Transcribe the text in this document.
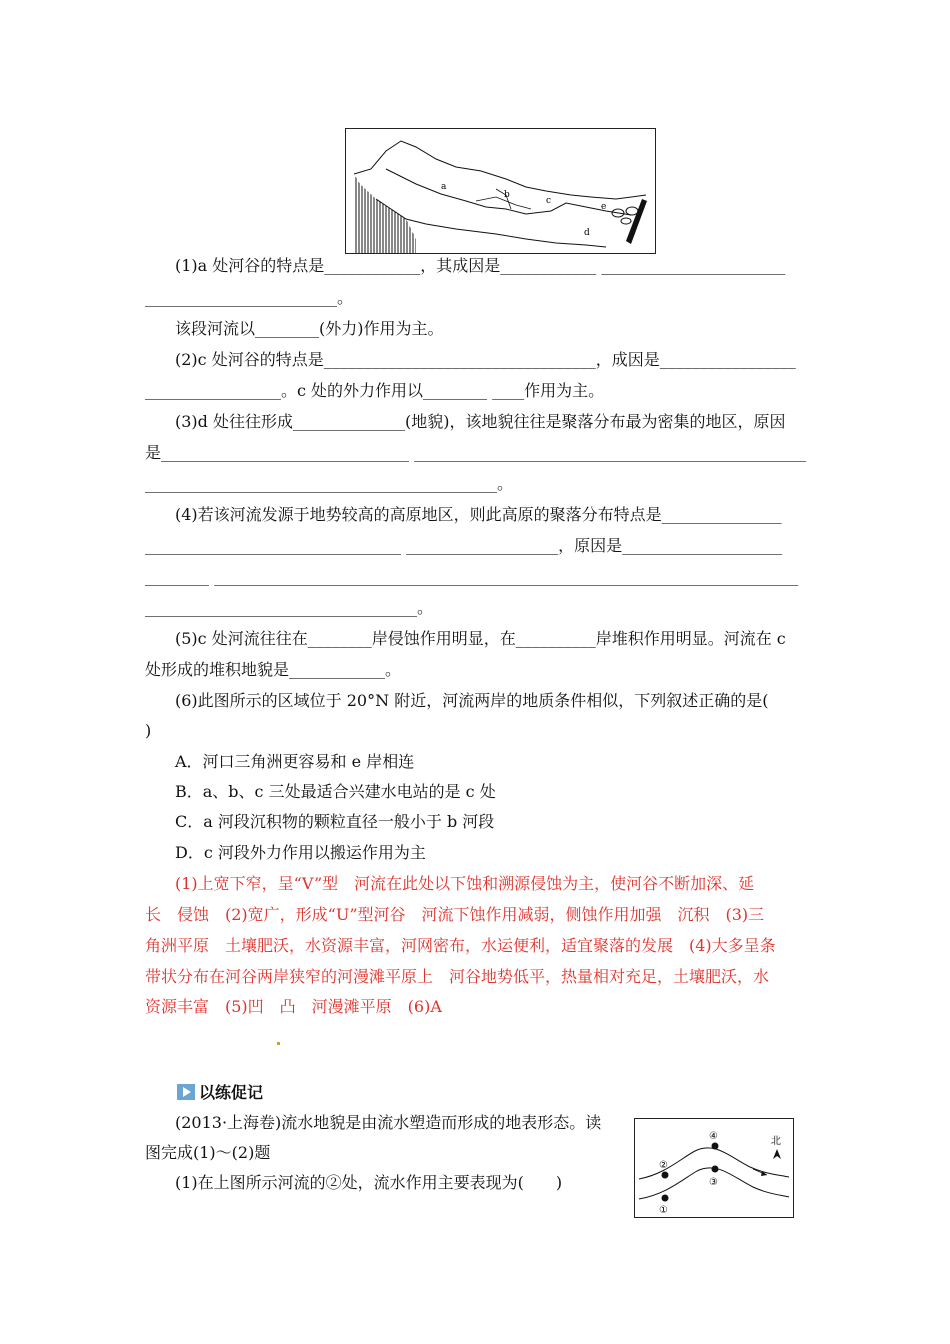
a
b
c
e
d
(1)a 处河谷的特点是____________，其成因是____________ _______________________
________________________。
该段河流以________(外力)作用为主。
(2)c 处河谷的特点是__________________________________，成因是_________________
_________________。c 处的外力作用以________ ____作用为主。
(3)d 处往往形成______________(地貌)，该地貌往往是聚落分布最为密集的地区，原因
是_______________________________ _________________________________________________
____________________________________________。
(4)若该河流发源于地势较高的高原地区，则此高原的聚落分布特点是_______________
________________________________ ___________________，原因是____________________
________ _________________________________________________________________________
__________________________________。
(5)c 处河流往往在________岸侵蚀作用明显，在__________岸堆积作用明显。河流在 c
处形成的堆积地貌是____________。
(6)此图所示的区域位于 20°N 附近，河流两岸的地质条件相似，下列叙述正确的是(
)
A．河口三角洲更容易和 e 岸相连
B．a、b、c 三处最适合兴建水电站的是 c 处
C．a 河段沉积物的颗粒直径一般小于 b 河段
D．c 河段外力作用以搬运作用为主
(1)上宽下窄，呈“V”型　河流在此处以下蚀和溯源侵蚀为主，使河谷不断加深、延
长　侵蚀　(2)宽广，形成“U”型河谷　河流下蚀作用减弱，侧蚀作用加强　沉积　(3)三
角洲平原　土壤肥沃，水资源丰富，河网密布，水运便利，适宜聚落的发展　(4)大多呈条
带状分布在河谷两岸狭窄的河漫滩平原上　河谷地势低平，热量相对充足，土壤肥沃，水
资源丰富　(5)凹　凸　河漫滩平原　(6)A
以练促记
(2013·上海卷)流水地貌是由流水塑造而形成的地表形态。读
图完成(1)～(2)题
(1)在上图所示河流的②处，流水作用主要表现为(　　)
北
①
②
③
④
